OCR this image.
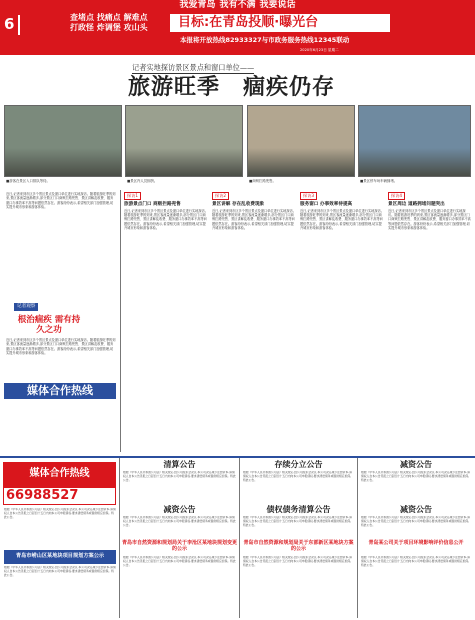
我爱青岛 我有不满 我要说话
6	查堵点 找痛点 解难点 打政怪 炸调堡 攻山头	目标:在青岛投顺·曝光台
本报将开放热线82933327与市政务服务热线12345联动
2020年6月23日 星期二
记者实地探访景区景点和窗口单位——
旅游旺季　痼疾仍存
■游客在景区入口排队等待。	■景区内人员拥挤。	■商贩拦路兜售。	■景区停车场车辆拥堵。
近日,记者来到市区多个景区景点及窗口单位进行实地探访。随着旅游旺季的到来,景区客流量逐渐增多,部分景区门口商贩拦路兜售、景区讲解乱收费、服务窗口办事效率不高等问题依然存在。游客纷纷表示,希望相关部门加强管理,切实提升城市形象和游客体验。
记者观察
根治痼疾 需有持久之功
近日,记者来到市区多个景区景点及窗口单位进行实地探访。随着旅游旺季的到来,景区客流量逐渐增多,部分景区门口商贩拦路兜售、景区讲解乱收费、服务窗口办事效率不高等问题依然存在。游客纷纷表示,希望相关部门加强管理,切实提升城市形象和游客体验。
探访1
旅游景点门口 商贩拦路兜售
近日,记者来到市区多个景区景点及窗口单位进行实地探访。随着旅游旺季的到来,景区客流量逐渐增多,部分景区门口商贩拦路兜售、景区讲解乱收费、服务窗口办事效率不高等问题依然存在。游客纷纷表示,希望相关部门加强管理,切实提升城市形象和游客体验。
探访2
景区讲解 存在乱收费现象
近日,记者来到市区多个景区景点及窗口单位进行实地探访。随着旅游旺季的到来,景区客流量逐渐增多,部分景区门口商贩拦路兜售、景区讲解乱收费、服务窗口办事效率不高等问题依然存在。游客纷纷表示,希望相关部门加强管理,切实提升城市形象和游客体验。
探访3
服务窗口 办事效率待提高
近日,记者来到市区多个景区景点及窗口单位进行实地探访。随着旅游旺季的到来,景区客流量逐渐增多,部分景区门口商贩拦路兜售、景区讲解乱收费、服务窗口办事效率不高等问题依然存在。游客纷纷表示,希望相关部门加强管理,切实提升城市形象和游客体验。
探访4
景区周边 道路拥堵问题突出
近日,记者来到市区多个景区景点及窗口单位进行实地探访。随着旅游旺季的到来,景区客流量逐渐增多,部分景区门口商贩拦路兜售、景区讲解乱收费、服务窗口办事效率不高等问题依然存在。游客纷纷表示,希望相关部门加强管理,切实提升城市形象和游客体验。
媒体合作热线
媒体合作热线
66988527
根据《中华人民共和国公司法》相关规定,经公司股东会决议,本公司决定减少注册资本,请债权人自本公告见报之日起四十五日内向本公司申报债权,要求清偿债务或提供相应担保。特此公告。
清算公告
根据《中华人民共和国公司法》相关规定,经公司股东会决议,本公司决定减少注册资本,请债权人自本公告见报之日起四十五日内向本公司申报债权,要求清偿债务或提供相应担保。特此公告。
存续分立公告
根据《中华人民共和国公司法》相关规定,经公司股东会决议,本公司决定减少注册资本,请债权人自本公告见报之日起四十五日内向本公司申报债权,要求清偿债务或提供相应担保。特此公告。
减资公告
根据《中华人民共和国公司法》相关规定,经公司股东会决议,本公司决定减少注册资本,请债权人自本公告见报之日起四十五日内向本公司申报债权,要求清偿债务或提供相应担保。特此公告。
减资公告
根据《中华人民共和国公司法》相关规定,经公司股东会决议,本公司决定减少注册资本,请债权人自本公告见报之日起四十五日内向本公司申报债权,要求清偿债务或提供相应担保。特此公告。
债权债务清算公告
根据《中华人民共和国公司法》相关规定,经公司股东会决议,本公司决定减少注册资本,请债权人自本公告见报之日起四十五日内向本公司申报债权,要求清偿债务或提供相应担保。特此公告。
减资公告
根据《中华人民共和国公司法》相关规定,经公司股东会决议,本公司决定减少注册资本,请债权人自本公告见报之日起四十五日内向本公司申报债权,要求清偿债务或提供相应担保。特此公告。
青岛市崂山区某地块项目规划方案公示
根据《中华人民共和国公司法》相关规定,经公司股东会决议,本公司决定减少注册资本,请债权人自本公告见报之日起四十五日内向本公司申报债权,要求清偿债务或提供相应担保。特此公告。
青岛市自然资源和规划局关于李沧区某地块规划变更的公示
根据《中华人民共和国公司法》相关规定,经公司股东会决议,本公司决定减少注册资本,请债权人自本公告见报之日起四十五日内向本公司申报债权,要求清偿债务或提供相应担保。特此公告。
青岛市自然资源和规划局关于东部新区某地块方案的公示
根据《中华人民共和国公司法》相关规定,经公司股东会决议,本公司决定减少注册资本,请债权人自本公告见报之日起四十五日内向本公司申报债权,要求清偿债务或提供相应担保。特此公告。
青岛某公司关于项目环境影响评价信息公开
根据《中华人民共和国公司法》相关规定,经公司股东会决议,本公司决定减少注册资本,请债权人自本公告见报之日起四十五日内向本公司申报债权,要求清偿债务或提供相应担保。特此公告。
